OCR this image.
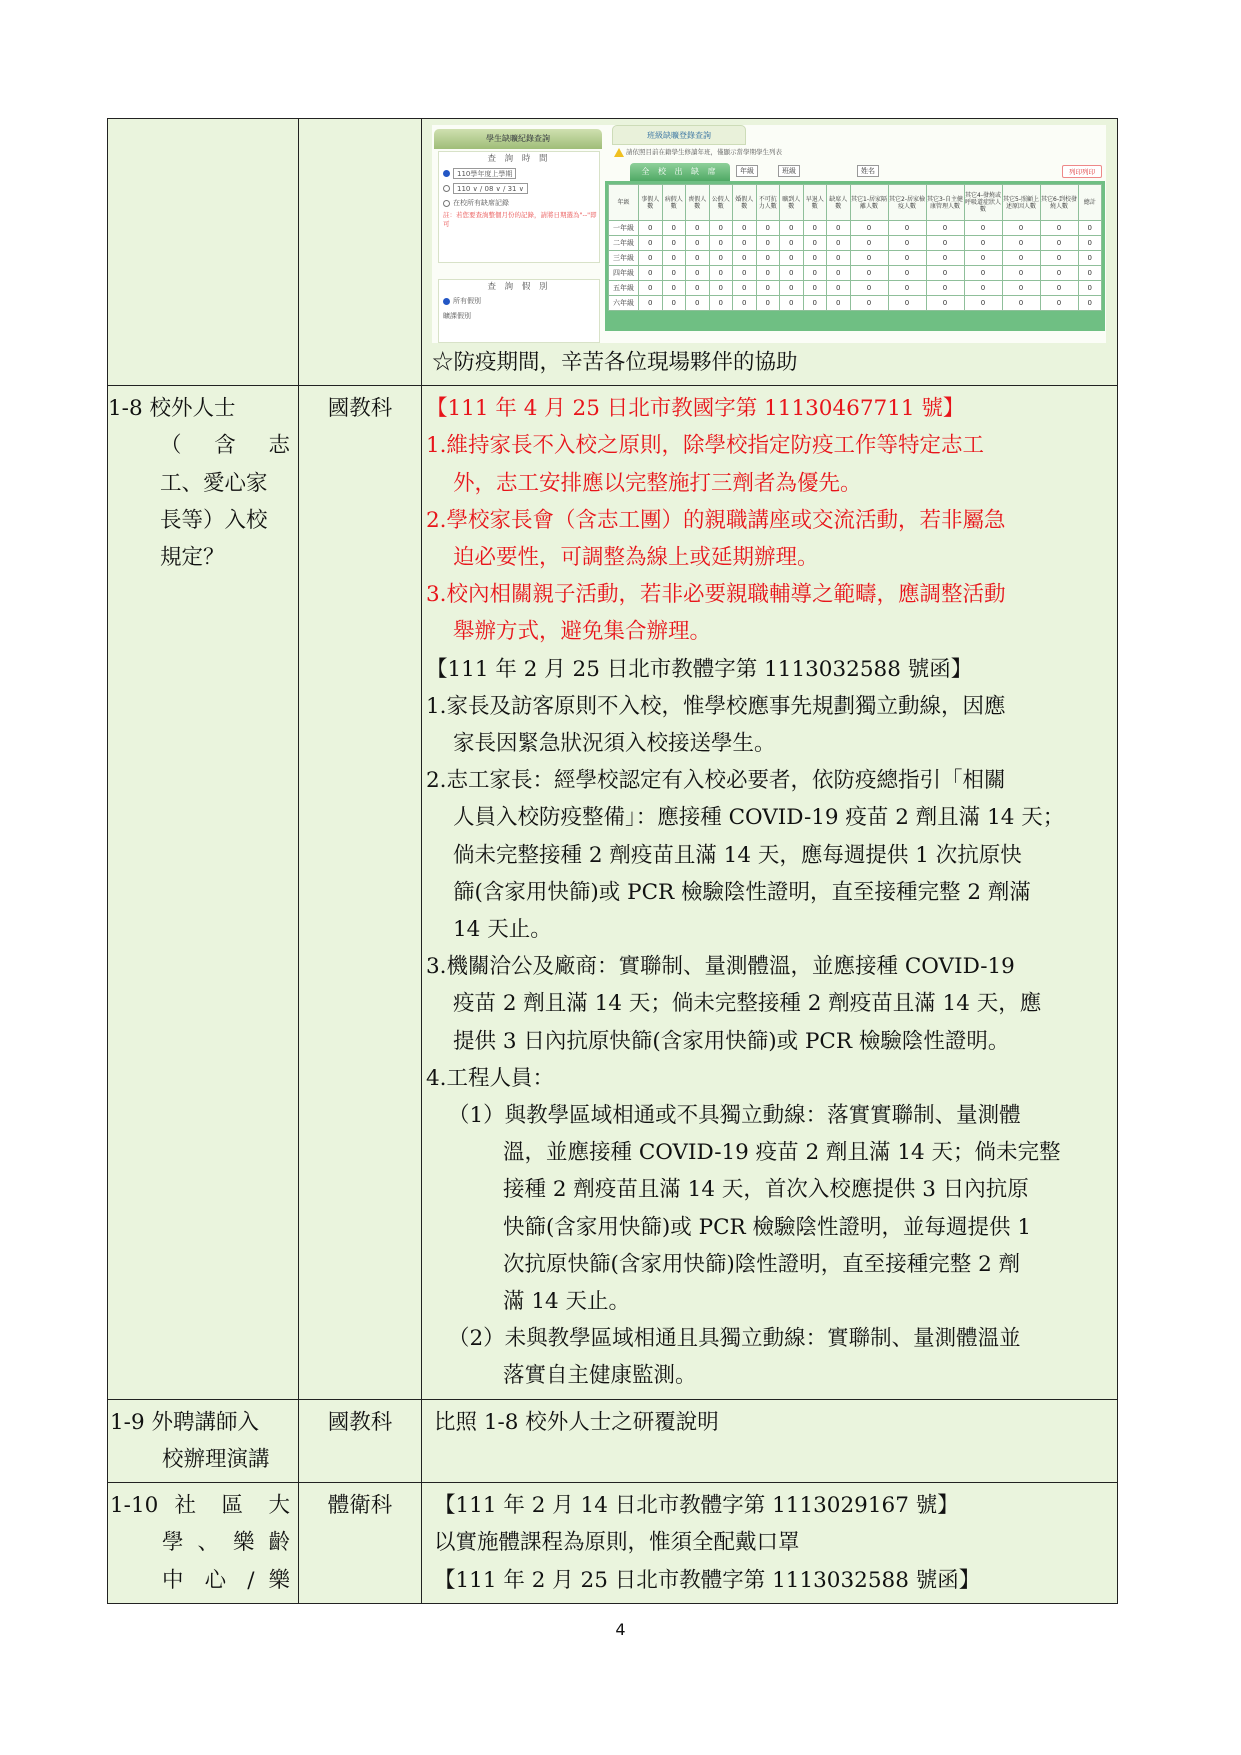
學生缺曠紀錄查詢
查 詢 時 間
110學年度上學期
110 ∨ / 08 ∨ / 31 ∨
在校所有缺席記錄
註：若您要查詢整個月份的記錄，請將日期選為"--"即可
查 詢 假 別
所有假別
曠課假別
班級缺曠登錄查詢
請依照目前在籍學生修讀年班，僅顯示當學期學生列表
全 校 出 缺 席	年級	班級	姓名	列印列印
年級	事假人數	病假人數	喪假人數	公假人數	婚假人數	不可抗力人數	曠到人數	早退人數	缺席人數	其它1-居家隔離人數	其它2-居家檢疫人數	其它3-自主健康管理人數	其它4-發燒或呼吸道症狀人數	其它5-照顧上述原因人數	其它6-到校發燒人數	總計
一年級	0	0	0	0	0	0	0	0	0	0	0	0	0	0	0	0
二年級	0	0	0	0	0	0	0	0	0	0	0	0	0	0	0	0
三年級	0	0	0	0	0	0	0	0	0	0	0	0	0	0	0	0
四年級	0	0	0	0	0	0	0	0	0	0	0	0	0	0	0	0
五年級	0	0	0	0	0	0	0	0	0	0	0	0	0	0	0	0
六年級	0	0	0	0	0	0	0	0	0	0	0	0	0	0	0	0
☆防疫期間，辛苦各位現場夥伴的協助

1-8 校外人士
（ 含 志
工、愛心家
長等）入校
規定？
	國教科	【111 年 4 月 25 日北市教國字第 11130467711 號】
1.維持家長不入校之原則，除學校指定防疫工作等特定志工
外，志工安排應以完整施打三劑者為優先。
2.學校家長會（含志工團）的親職講座或交流活動，若非屬急
迫必要性，可調整為線上或延期辦理。
3.校內相關親子活動，若非必要親職輔導之範疇，應調整活動
舉辦方式，避免集合辦理。
【111 年 2 月 25 日北市教體字第 1113032588 號函】
1.家長及訪客原則不入校，惟學校應事先規劃獨立動線，因應
家長因緊急狀況須入校接送學生。
2.志工家長：經學校認定有入校必要者，依防疫總指引「相關
人員入校防疫整備」：應接種 COVID-19 疫苗 2 劑且滿 14 天；
倘未完整接種 2 劑疫苗且滿 14 天，應每週提供 1 次抗原快
篩(含家用快篩)或 PCR 檢驗陰性證明，直至接種完整 2 劑滿
14 天止。
3.機關洽公及廠商：實聯制、量測體溫，並應接種 COVID-19
疫苗 2 劑且滿 14 天；倘未完整接種 2 劑疫苗且滿 14 天，應
提供 3 日內抗原快篩(含家用快篩)或 PCR 檢驗陰性證明。
4.工程人員：
（1）與教學區域相通或不具獨立動線：落實實聯制、量測體
溫，並應接種 COVID-19 疫苗 2 劑且滿 14 天；倘未完整
接種 2 劑疫苗且滿 14 天，首次入校應提供 3 日內抗原
快篩(含家用快篩)或 PCR 檢驗陰性證明，並每週提供 1
次抗原快篩(含家用快篩)陰性證明，直至接種完整 2 劑
滿 14 天止。
（2）未與教學區域相通且具獨立動線：實聯制、量測體溫並
落實自主健康監測。

1-9 外聘講師入
校辦理演講
	國教科	比照 1-8 校外人士之研覆說明

1-10 社 區 大
學 、 樂 齡
中 心 / 樂
	體衛科	【111 年 2 月 14 日北市教體字第 1113029167 號】
以實施體課程為原則，惟須全配戴口罩
【111 年 2 月 25 日北市教體字第 1113032588 號函】
4
